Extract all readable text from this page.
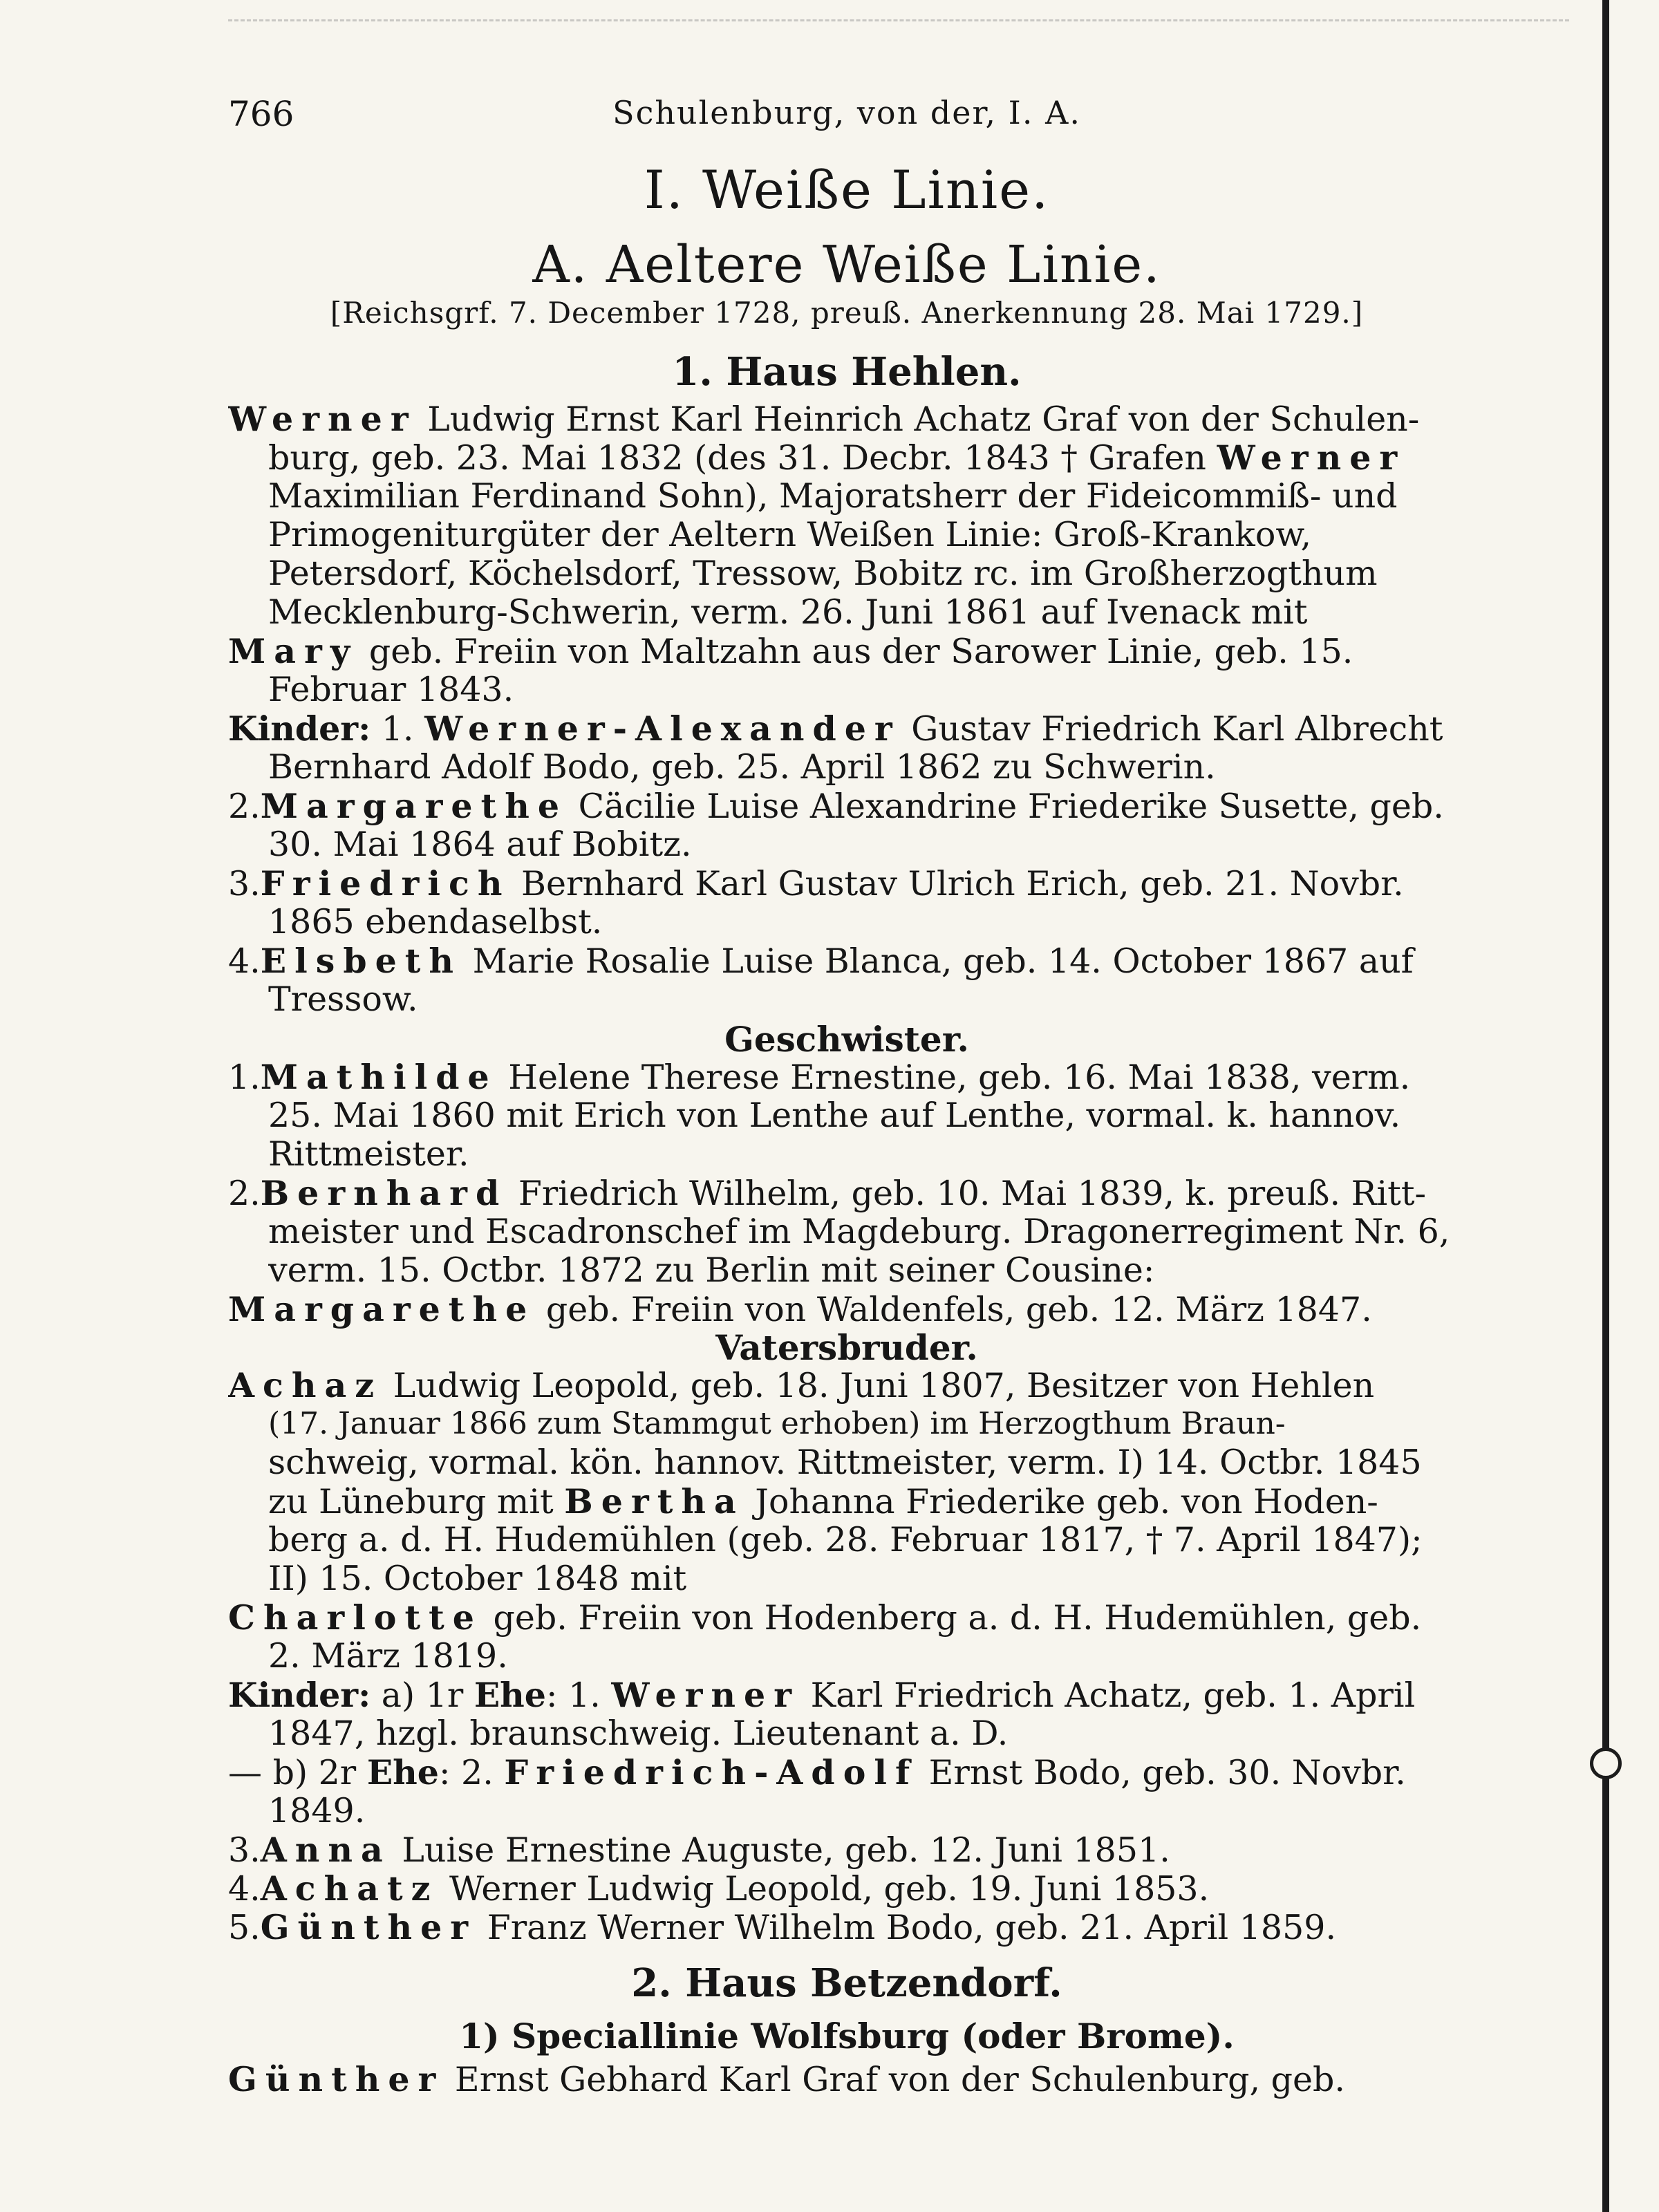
766	Schulenburg, von der, I. A.
I. Weiße Linie.
A. Aeltere Weiße Linie.
[Reichsgrf. 7. December 1728, preuß. Anerkennung 28. Mai 1729.]
1. Haus Hehlen.
Werner Ludwig Ernst Karl Heinrich Achatz Graf von der Schulen-
burg, geb. 23. Mai 1832 (des 31. Decbr. 1843 † Grafen Werner
Maximilian Ferdinand Sohn), Majoratsherr der Fideicommiß- und
Primogeniturgüter der Aeltern Weißen Linie: Groß-Krankow,
Petersdorf, Köchelsdorf, Tressow, Bobitz rc. im Großherzogthum
Mecklenburg-Schwerin, verm. 26. Juni 1861 auf Ivenack mit
Mary geb. Freiin von Maltzahn aus der Sarower Linie, geb. 15.
Februar 1843.
Kinder: 1. Werner-Alexander Gustav Friedrich Karl Albrecht
Bernhard Adolf Bodo, geb. 25. April 1862 zu Schwerin.
2.Margarethe Cäcilie Luise Alexandrine Friederike Susette, geb.
30. Mai 1864 auf Bobitz.
3.Friedrich Bernhard Karl Gustav Ulrich Erich, geb. 21. Novbr.
1865 ebendaselbst.
4.Elsbeth Marie Rosalie Luise Blanca, geb. 14. October 1867 auf
Tressow.
Geschwister.
1.Mathilde Helene Therese Ernestine, geb. 16. Mai 1838, verm.
25. Mai 1860 mit Erich von Lenthe auf Lenthe, vormal. k. hannov.
Rittmeister.
2.Bernhard Friedrich Wilhelm, geb. 10. Mai 1839, k. preuß. Ritt-
meister und Escadronschef im Magdeburg. Dragonerregiment Nr. 6,
verm. 15. Octbr. 1872 zu Berlin mit seiner Cousine:
Margarethe geb. Freiin von Waldenfels, geb. 12. März 1847.
Vatersbruder.
Achaz Ludwig Leopold, geb. 18. Juni 1807, Besitzer von Hehlen
(17. Januar 1866 zum Stammgut erhoben) im Herzogthum Braun-
schweig, vormal. kön. hannov. Rittmeister, verm. I) 14. Octbr. 1845
zu Lüneburg mit Bertha Johanna Friederike geb. von Hoden-
berg a. d. H. Hudemühlen (geb. 28. Februar 1817, † 7. April 1847);
II) 15. October 1848 mit
Charlotte geb. Freiin von Hodenberg a. d. H. Hudemühlen, geb.
2. März 1819.
Kinder: a) 1r Ehe: 1. Werner Karl Friedrich Achatz, geb. 1. April
1847, hzgl. braunschweig. Lieutenant a. D.
— b) 2r Ehe: 2. Friedrich-Adolf Ernst Bodo, geb. 30. Novbr.
1849.
3.Anna Luise Ernestine Auguste, geb. 12. Juni 1851.
4.Achatz Werner Ludwig Leopold, geb. 19. Juni 1853.
5.Günther Franz Werner Wilhelm Bodo, geb. 21. April 1859.
2. Haus Betzendorf.
1) Speciallinie Wolfsburg (oder Brome).
Günther Ernst Gebhard Karl Graf von der Schulenburg, geb.
